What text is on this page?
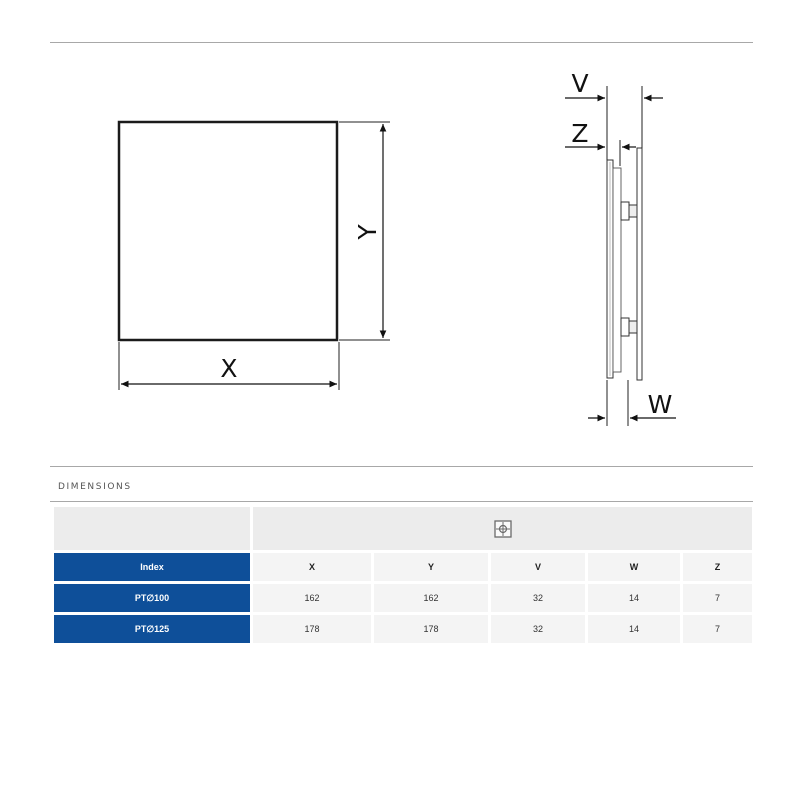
Y
X
V
Z
W
DIMENSIONS

Index	X	Y	V	W	Z
PT∅100	162	162	32	14	7
PT∅125	178	178	32	14	7
